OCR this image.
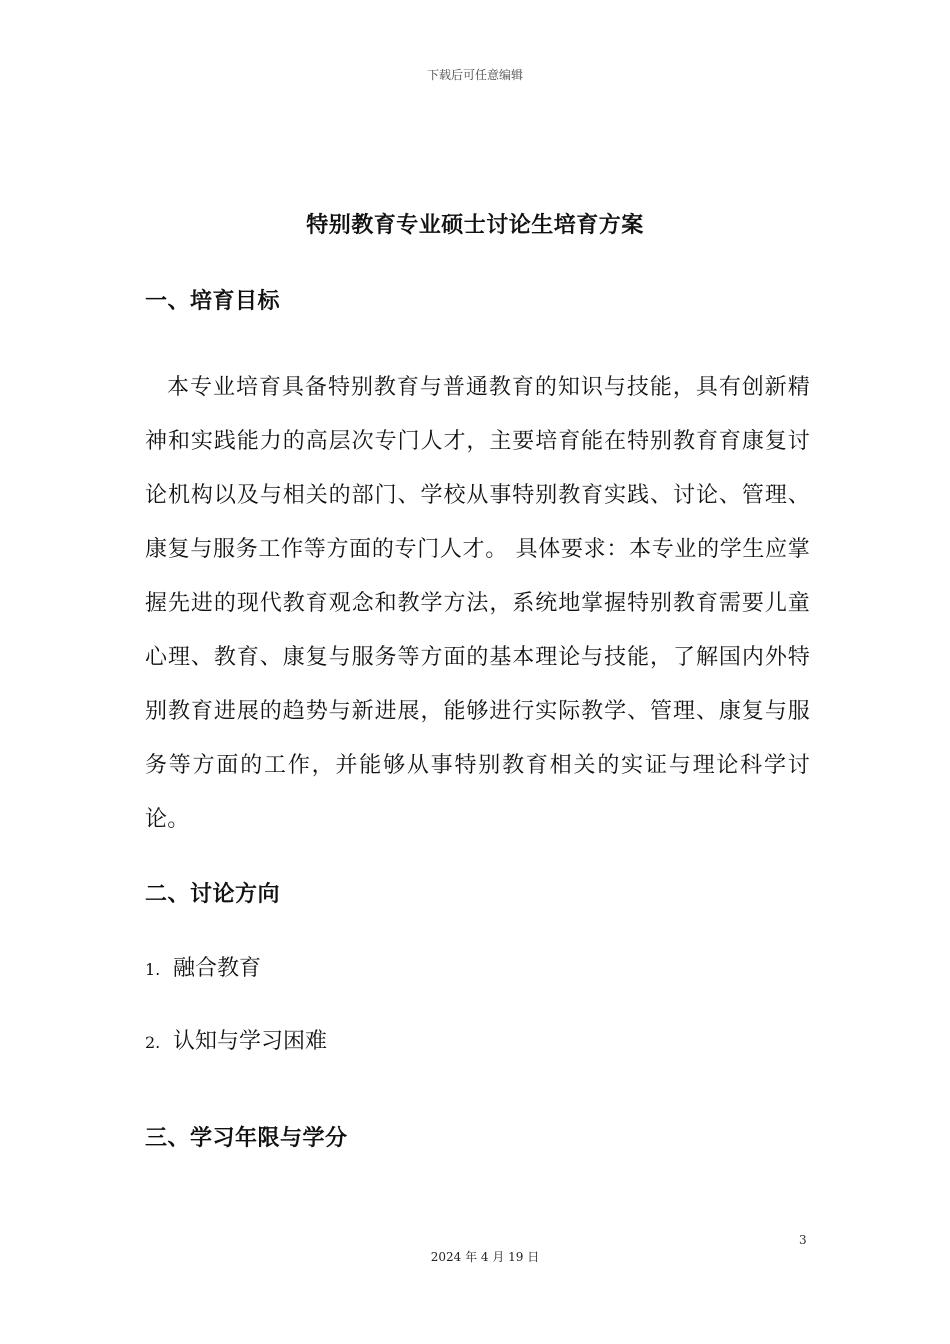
下载后可任意编辑
特别教育专业硕士讨论生培育方案
一、培育目标

本专业培育具备特别教育与普通教育的知识与技能，具有创新精神和实践能力的高层次专门人才，主要培育能在特别教育育康复讨论机构以及与相关的部门、学校从事特别教育实践、讨论、管理、康复与服务工作等方面的专门人才。 具体要求：本专业的学生应掌握先进的现代教育观念和教学方法，系统地掌握特别教育需要儿童心理、教育、康复与服务等方面的基本理论与技能，了解国内外特别教育进展的趋势与新进展，能够进行实际教学、管理、康复与服务等方面的工作，并能够从事特别教育相关的实证与理论科学讨论。

二、讨论方向
1. 融合教育
2. 认知与学习困难
三、学习年限与学分
3
2024 年 4 月 19 日
